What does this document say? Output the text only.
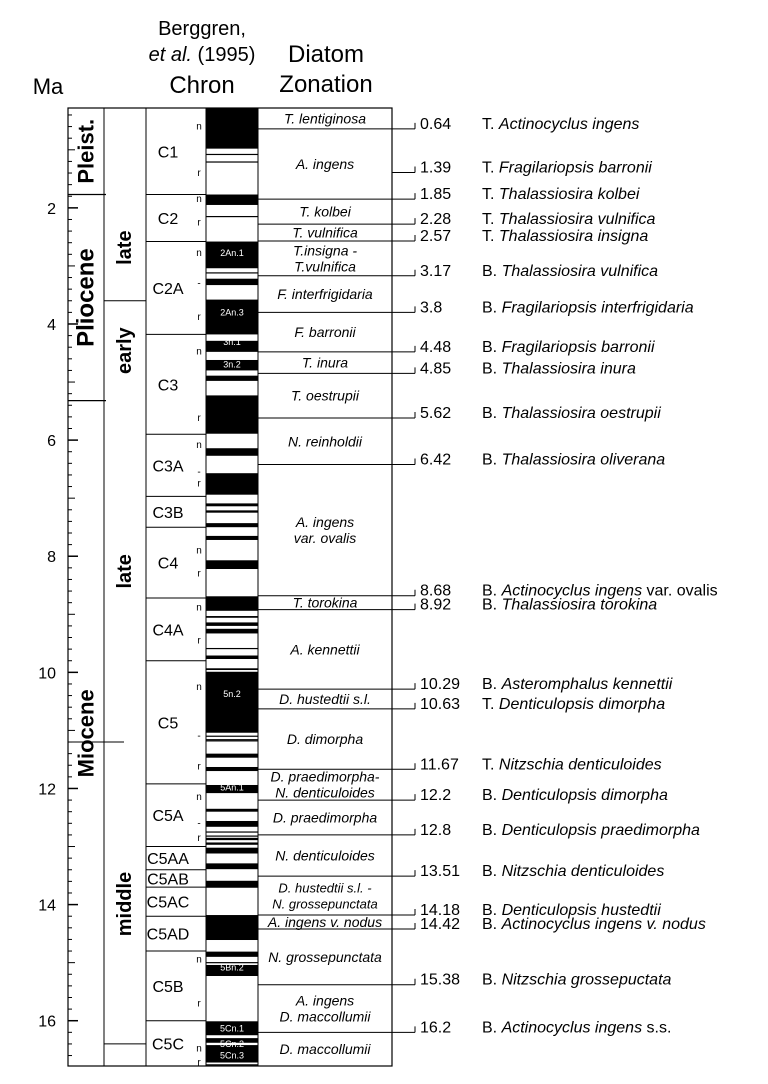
Ma
Berggren,
et al. (1995)
Chron
Diatom
Zonation
2
4
6
8
10
12
14
16
Pleist.
Pliocene
Miocene
late
early
late
middle
C1
C2
C2A
C3
C3A
C3B
C4
C4A
C5
C5A
C5AA
C5AB
C5AC
C5AD
C5B
C5C
n
r
n
r
n
-
r
n
r
n
-
r
n
r
n
r
n
-
r
n
-
r
n
r
n
r
2An.1
2An.3
3n.1
3n.2
3n.4
3An.1
3An.2
4n.2
5n.2
5An.1
5An.2
5Bn.2
5Cn.1
5Cn.2
5Cn.3
T. lentiginosa
A. ingens
T. kolbei
T. vulnifica
T.insigna -
T.vulnifica
F. interfrigidaria
F. barronii
T. inura
T. oestrupii
N. reinholdii
A. ingens
var. ovalis
T. torokina
A. kennettii
D. hustedtii s.l.
D. dimorpha
D. praedimorpha-
N. denticuloides
D. praedimorpha
N. denticuloides
D. hustedtii s.l. -
N. grossepunctata
A. ingens v. nodus
N. grossepunctata
A. ingens
D. maccollumii
D. maccollumii
0.64 T. Actinocyclus ingens
1.39 T. Fragilariopsis barronii
1.85 T. Thalassiosira kolbei
2.28 T. Thalassiosira vulnifica
2.57 T. Thalassiosira insigna
3.17 B. Thalassiosira vulnifica
3.8 B. Fragilariopsis interfrigidaria
4.48 B. Fragilariopsis barronii
4.85 B. Thalassiosira inura
5.62 B. Thalassiosira oestrupii
6.42 B. Thalassiosira oliverana
8.68 B. Actinocyclus ingens var. ovalis
8.92 B. Thalassiosira torokina
10.29 B. Asteromphalus kennettii
10.63 T. Denticulopsis dimorpha
11.67 T. Nitzschia denticuloides
12.2 B. Denticulopsis dimorpha
12.8 B. Denticulopsis praedimorpha
13.51 B. Nitzschia denticuloides
14.18 B. Denticulopsis hustedtii
14.42 B. Actinocyclus ingens v. nodus
15.38 B. Nitzschia grossepuctata
16.2 B. Actinocyclus ingens s.s.
